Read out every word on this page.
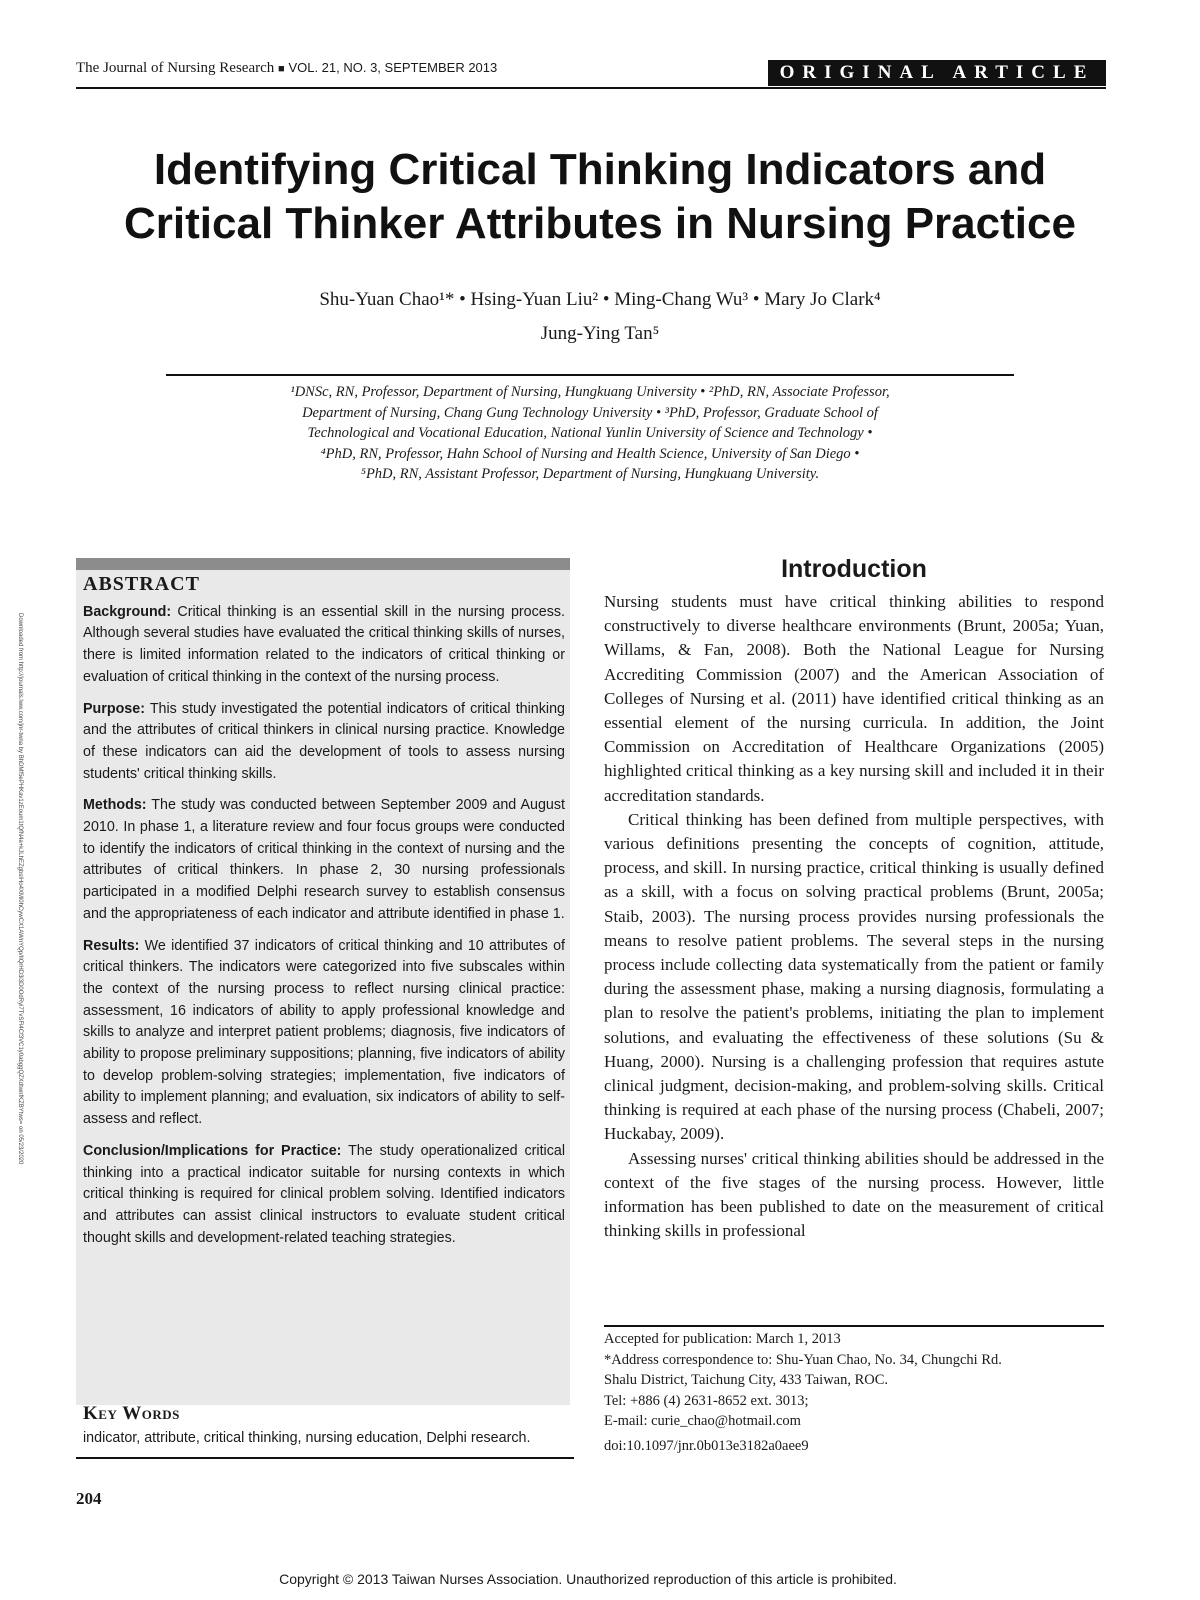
The Journal of Nursing Research ■ VOL. 21, NO. 3, SEPTEMBER 2013	ORIGINAL ARTICLE
Identifying Critical Thinking Indicators and
Critical Thinker Attributes in Nursing Practice
Shu-Yuan Chao¹* • Hsing-Yuan Liu² • Ming-Chang Wu³ • Mary Jo Clark⁴
Jung-Ying Tan⁵
¹DNSc, RN, Professor, Department of Nursing, Hungkuang University • ²PhD, RN, Associate Professor,
Department of Nursing, Chang Gung Technology University • ³PhD, Professor, Graduate School of
Technological and Vocational Education, National Yunlin University of Science and Technology •
⁴PhD, RN, Professor, Hahn School of Nursing and Health Science, University of San Diego •
⁵PhD, RN, Assistant Professor, Department of Nursing, Hungkuang University.
Downloaded from http://journals.lww.com/jnr-twna by BhDMf5ePHKav1zEoum1tQfN4a+kJLhEZgbsIHo4XMi0hCywCX1AWnYQp/IlQrHD3i3D0OdRyi7TvSFl4Cf3VC1y0abggQZXdtwnfKZBYtws= on 05/23/2020
ABSTRACT

Background: Critical thinking is an essential skill in the nursing process. Although several studies have evaluated the critical thinking skills of nurses, there is limited information related to the indicators of critical thinking or evaluation of critical thinking in the context of the nursing process.

Purpose: This study investigated the potential indicators of critical thinking and the attributes of critical thinkers in clinical nursing practice. Knowledge of these indicators can aid the development of tools to assess nursing students' critical thinking skills.

Methods: The study was conducted between September 2009 and August 2010. In phase 1, a literature review and four focus groups were conducted to identify the indicators of critical thinking in the context of nursing and the attributes of critical thinkers. In phase 2, 30 nursing professionals participated in a modified Delphi research survey to establish consensus and the appropriateness of each indicator and attribute identified in phase 1.

Results: We identified 37 indicators of critical thinking and 10 attributes of critical thinkers. The indicators were categorized into five subscales within the context of the nursing process to reflect nursing clinical practice: assessment, 16 indicators of ability to apply professional knowledge and skills to analyze and interpret patient problems; diagnosis, five indicators of ability to propose preliminary suppositions; planning, five indicators of ability to develop problem-solving strategies; implementation, five indicators of ability to implement planning; and evaluation, six indicators of ability to self-assess and reflect.

Conclusion/Implications for Practice: The study operationalized critical thinking into a practical indicator suitable for nursing contexts in which critical thinking is required for clinical problem solving. Identified indicators and attributes can assist clinical instructors to evaluate student critical thought skills and development-related teaching strategies.

Key Words
indicator, attribute, critical thinking, nursing education, Delphi research.
Introduction

Nursing students must have critical thinking abilities to respond constructively to diverse healthcare environments (Brunt, 2005a; Yuan, Willams, & Fan, 2008). Both the National League for Nursing Accrediting Commission (2007) and the American Association of Colleges of Nursing et al. (2011) have identified critical thinking as an essential element of the nursing curricula. In addition, the Joint Commission on Accreditation of Healthcare Organizations (2005) highlighted critical thinking as a key nursing skill and included it in their accreditation standards.

Critical thinking has been defined from multiple perspectives, with various definitions presenting the concepts of cognition, attitude, process, and skill. In nursing practice, critical thinking is usually defined as a skill, with a focus on solving practical problems (Brunt, 2005a; Staib, 2003). The nursing process provides nursing professionals the means to resolve patient problems. The several steps in the nursing process include collecting data systematically from the patient or family during the assessment phase, making a nursing diagnosis, formulating a plan to resolve the patient's problems, initiating the plan to implement solutions, and evaluating the effectiveness of these solutions (Su & Huang, 2000). Nursing is a challenging profession that requires astute clinical judgment, decision-making, and problem-solving skills. Critical thinking is required at each phase of the nursing process (Chabeli, 2007; Huckabay, 2009).

Assessing nurses' critical thinking abilities should be addressed in the context of the five stages of the nursing process. However, little information has been published to date on the measurement of critical thinking skills in professional

Accepted for publication: March 1, 2013
*Address correspondence to: Shu-Yuan Chao, No. 34, Chungchi Rd.
Shalu District, Taichung City, 433 Taiwan, ROC.
Tel: +886 (4) 2631-8652 ext. 3013;
E-mail: curie_chao@hotmail.com
doi:10.1097/jnr.0b013e3182a0aee9
204
Copyright © 2013 Taiwan Nurses Association. Unauthorized reproduction of this article is prohibited.
